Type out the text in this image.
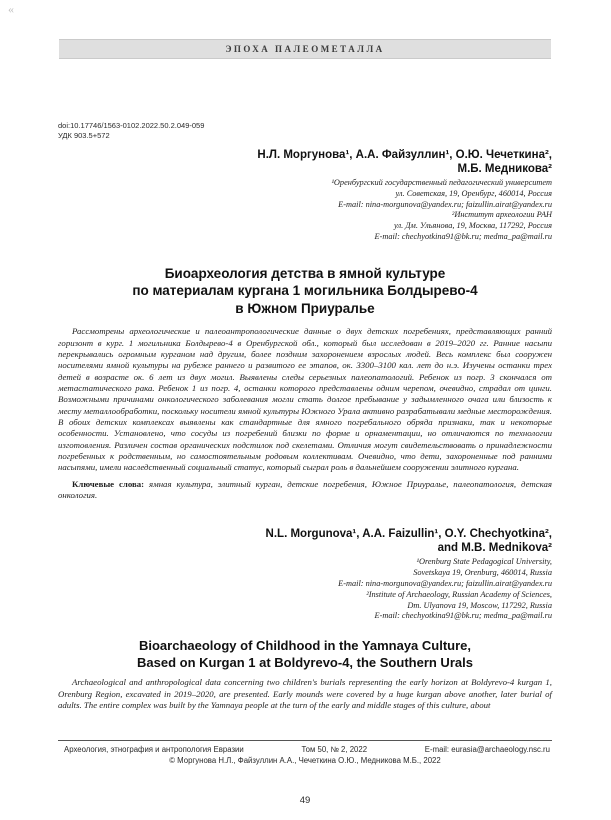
«
ЭПОХА ПАЛЕОМЕТАЛЛА
doi:10.17746/1563-0102.2022.50.2.049-059
УДК 903.5+572
Н.Л. Моргунова¹, А.А. Файзуллин¹, О.Ю. Чечеткина²,
М.Б. Медникова²
¹Оренбургский государственный педагогический университет
ул. Советская, 19, Оренбург, 460014, Россия
E-mail: nina-morgunova@yandex.ru; faizullin.airat@yandex.ru
²Институт археологии РАН
ул. Дм. Ульянова, 19, Москва, 117292, Россия
E-mail: chechyotkina91@bk.ru; medma_pa@mail.ru
Биоархеология детства в ямной культуре
по материалам кургана 1 могильника Болдырево-4
в Южном Приуралье

Рассмотрены археологические и палеоантропологические данные о двух детских погребениях, представляющих ранний горизонт в кург. 1 могильника Болдырево-4 в Оренбургской обл., который был исследован в 2019–2020 гг. Ранние насыпи перекрывались огромным курганом над другим, более поздним захоронением взрослых людей. Весь комплекс был сооружен носителями ямной культуры на рубеже раннего и развитого ее этапов, ок. 3300–3100 кал. лет до н.э. Изучены останки трех детей в возрасте ок. 6 лет из двух могил. Выявлены следы серьезных палеопатологий. Ребенок из погр. 3 скончался от метастатического рака. Ребенок 1 из погр. 4, останки которого представлены одним черепом, очевидно, страдал от цинги. Возможными причинами онкологического заболевания могли стать долгое пребывание у задымленного очага или близость к месту металлообработки, поскольку носители ямной культуры Южного Урала активно разрабатывали медные месторождения. В обоих детских комплексах выявлены как стандартные для ямного погребального обряда признаки, так и некоторые особенности. Установлено, что сосуды из погребений близки по форме и орнаментации, но отличаются по технологии изготовления. Различен состав органических подстилок под скелетами. Отличия могут свидетельствовать о принадлежности погребенных к родственным, но самостоятельным родовым коллективам. Очевидно, что дети, захороненные под ранними насыпями, имели наследственный социальный статус, который сыграл роль в дальнейшем сооружении элитного кургана.

Ключевые слова: ямная культура, элитный курган, детские погребения, Южное Приуралье, палеопатология, детская онкология.

N.L. Morgunova¹, A.A. Faizullin¹, O.Y. Chechyotkina²,
and M.B. Mednikova²
¹Orenburg State Pedagogical University,
Sovetskaya 19, Orenburg, 460014, Russia
E-mail: nina-morgunova@yandex.ru; faizullin.airat@yandex.ru
²Institute of Archaeology, Russian Academy of Sciences,
Dm. Ulyanova 19, Moscow, 117292, Russia
E-mail: chechyotkina91@bk.ru; medma_pa@mail.ru
Bioarchaeology of Childhood in the Yamnaya Culture,
Based on Kurgan 1 at Boldyrevo-4, the Southern Urals

Archaeological and anthropological data concerning two children's burials representing the early horizon at Boldyrevo-4 kurgan 1, Orenburg Region, excavated in 2019–2020, are presented. Early mounds were covered by a huge kurgan above another, later burial of adults. The entire complex was built by the Yamnaya people at the turn of the early and middle stages of this culture, about

Археология, этнография и антропология Евразии	Том 50, № 2, 2022	E-mail: eurasia@archaeology.nsc.ru
© Моргунова Н.Л., Файзуллин А.А., Чечеткина О.Ю., Медникова М.Б., 2022
49
